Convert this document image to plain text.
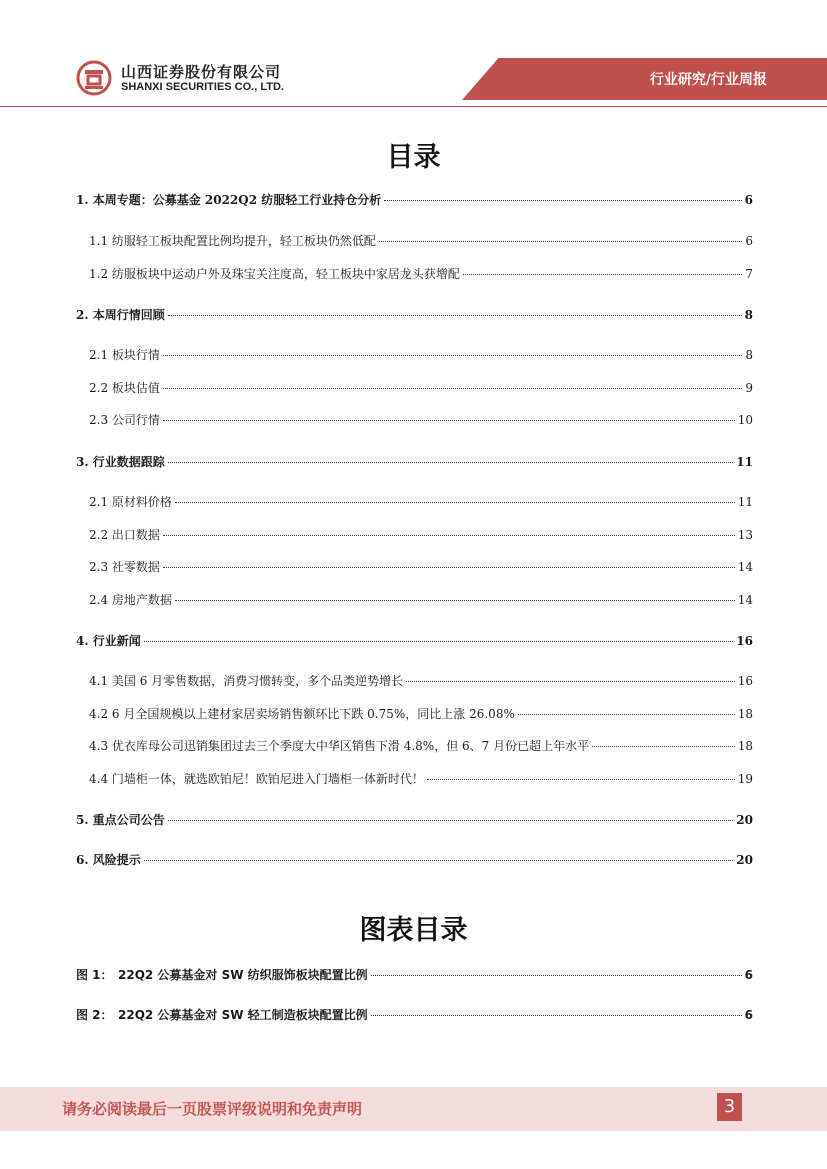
山西证券股份有限公司
SHANXI SECURITIES CO., LTD.	行业研究/行业周报
目录
1. 本周专题：公募基金 2022Q2 纺服轻工行业持仓分析	6
1.1 纺服轻工板块配置比例均提升，轻工板块仍然低配	6
1.2 纺服板块中运动户外及珠宝关注度高，轻工板块中家居龙头获增配	7
2. 本周行情回顾	8
2.1 板块行情	8
2.2 板块估值	9
2.3 公司行情	10
3. 行业数据跟踪	11
2.1 原材料价格	11
2.2 出口数据	13
2.3 社零数据	14
2.4 房地产数据	14
4. 行业新闻	16
4.1 美国 6 月零售数据，消费习惯转变，多个品类逆势增长	16
4.2 6 月全国规模以上建材家居卖场销售额环比下跌 0.75%，同比上涨 26.08%	18
4.3 优衣库母公司迅销集团过去三个季度大中华区销售下滑 4.8%，但 6、7 月份已超上年水平	18
4.4 门墙柜一体，就选欧铂尼！欧铂尼进入门墙柜一体新时代！	19
5. 重点公司公告	20
6. 风险提示	20
图表目录
图 1： 22Q2 公募基金对 SW 纺织服饰板块配置比例	6
图 2： 22Q2 公募基金对 SW 轻工制造板块配置比例	6
请务必阅读最后一页股票评级说明和免责声明	3
